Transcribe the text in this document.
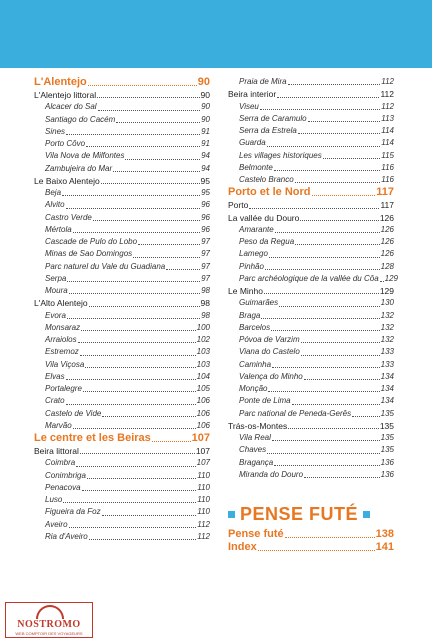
L'Alentejo	90
L'Alentejo littoral	90
Alcacer do Sal	90
Santiago do Cacém	90
Sines	91
Porto Côvo	91
Vila Nova de Milfontes	94
Zambujeira do Mar	94
Le Baixo Alentejo	95
Beja	95
Alvito	96
Castro Verde	96
Mértola	96
Cascade de Pulo do Lobo	97
Minas de Sao Domingos	97
Parc naturel du Vale du Guadiana	97
Serpa	97
Moura	98
L'Alto Alentejo	98
Evora	98
Monsaraz	100
Arraiolos	102
Estremoz	103
Vila Viçosa	103
Elvas	104
Portalegre	105
Crato	106
Castelo de Vide	106
Marvão	106
Le centre et les Beiras	107
Beira littoral	107
Coimbra	107
Conimbriga	110
Penacova	110
Luso	110
Figueira da Foz	110
Aveiro	112
Ria d'Aveiro	112
Praia de Mira	112
Beira interior	112
Viseu	112
Serra de Caramulo	113
Serra da Estrela	114
Guarda	114
Les villages historiques	115
Belmonte	116
Castelo Branco	116
Porto et le Nord	117
Porto	117
La vallée du Douro	126
Amarante	126
Peso da Regua	126
Lamego	126
Pinhão	128
Parc archéologique de la vallée du Côa 129
Le Minho	129
Guimarães	130
Braga	132
Barcelos	132
Póvoa de Varzim	132
Viana do Castelo	133
Caminha	133
Valença do Minho	134
Monção	134
Ponte de Lima	134
Parc national de Peneda-Gerês	135
Trás-os-Montes	135
Vila Real	135
Chaves	135
Bragança	136
Miranda do Douro	136
PENSE FUTÉ
Pense futé	138
Index	141
NOSTROMO
WEB COMPTOIR DES VOYAGEURS
